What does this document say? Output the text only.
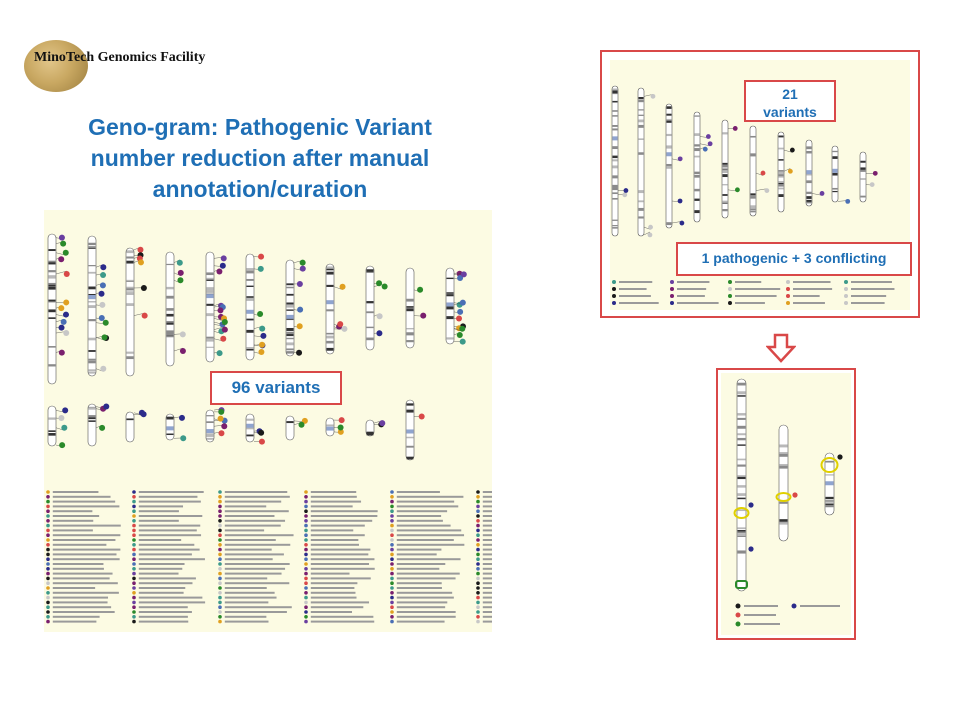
MinoTech Genomics Facility
Geno-gram: Pathogenic Variant
number reduction after manual
annotation/curation
96 variants
21
variants
1 pathogenic + 3 conflicting
